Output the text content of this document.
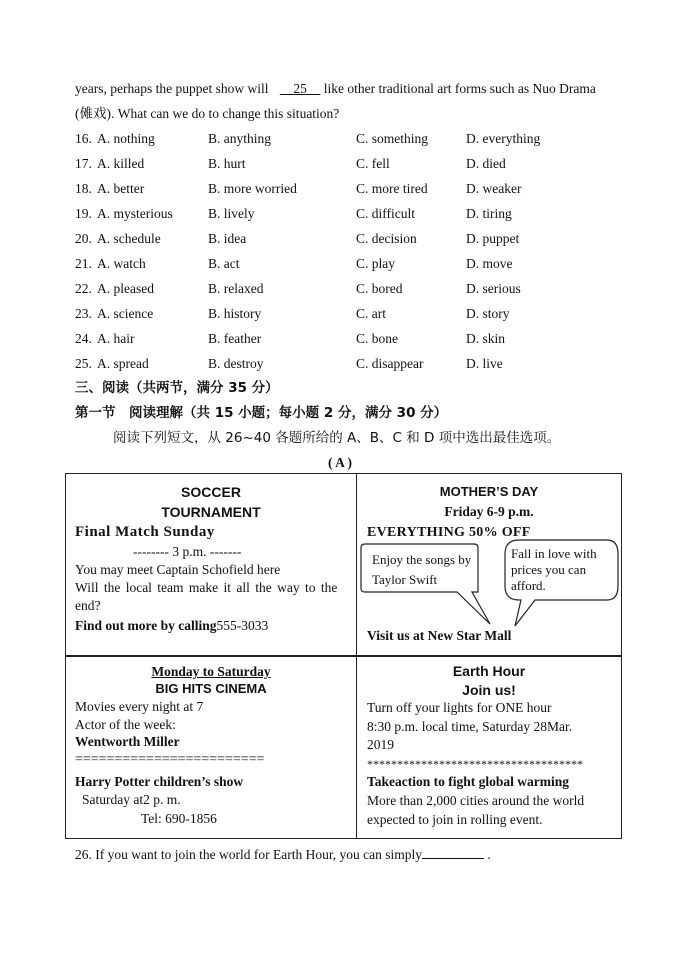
years, perhaps the puppet show will 25 like other traditional art forms such as Nuo Drama
(傩戏). What can we do to change this situation?
16. A. nothing	B. anything	C. something	D. everything
17. A. killed	B. hurt	C. fell	D. died
18. A. better	B. more worried	C. more tired	D. weaker
19. A. mysterious	B. lively	C. difficult	D. tiring
20. A. schedule	B. idea	C. decision	D. puppet
21. A. watch	B. act	C. play	D. move
22. A. pleased	B. relaxed	C. bored	D. serious
23. A. science	B. history	C. art	D. story
24. A. hair	B. feather	C. bone	D. skin
25. A. spread	B. destroy	C. disappear	D. live
三、阅读（共两节，满分 35 分）
第一节　阅读理解（共 15 小题；每小题 2 分，满分 30 分）
阅读下列短文，从 26~40 各题所给的 A、B、C 和 D 项中选出最佳选项。
( A )
SOCCER
TOURNAMENT
Final Match Sunday
-------- 3 p.m. -------
You may meet Captain Schofield here
Will the local team make it all the way to the
end?
Find out more by calling555-3033
MOTHER’S DAY
Friday 6-9 p.m.
EVERYTHING 50% OFF
Enjoy the songs by
Taylor Swift
Fall in love with
prices you can
afford.
Visit us at New Star Mall
Monday to Saturday
BIG HITS CINEMA
Movies every night at 7
Actor of the week:
Wentworth Miller
========================
Harry Potter children’s show
Saturday at2 p. m.
Tel: 690-1856
Earth Hour
Join us!
Turn off your lights for ONE hour
8:30 p.m. local time, Saturday 28Mar.
2019
************************************
Takeaction to fight global warming
More than 2,000 cities around the world
expected to join in rolling event.
26. If you want to join the world for Earth Hour, you can simply	.
